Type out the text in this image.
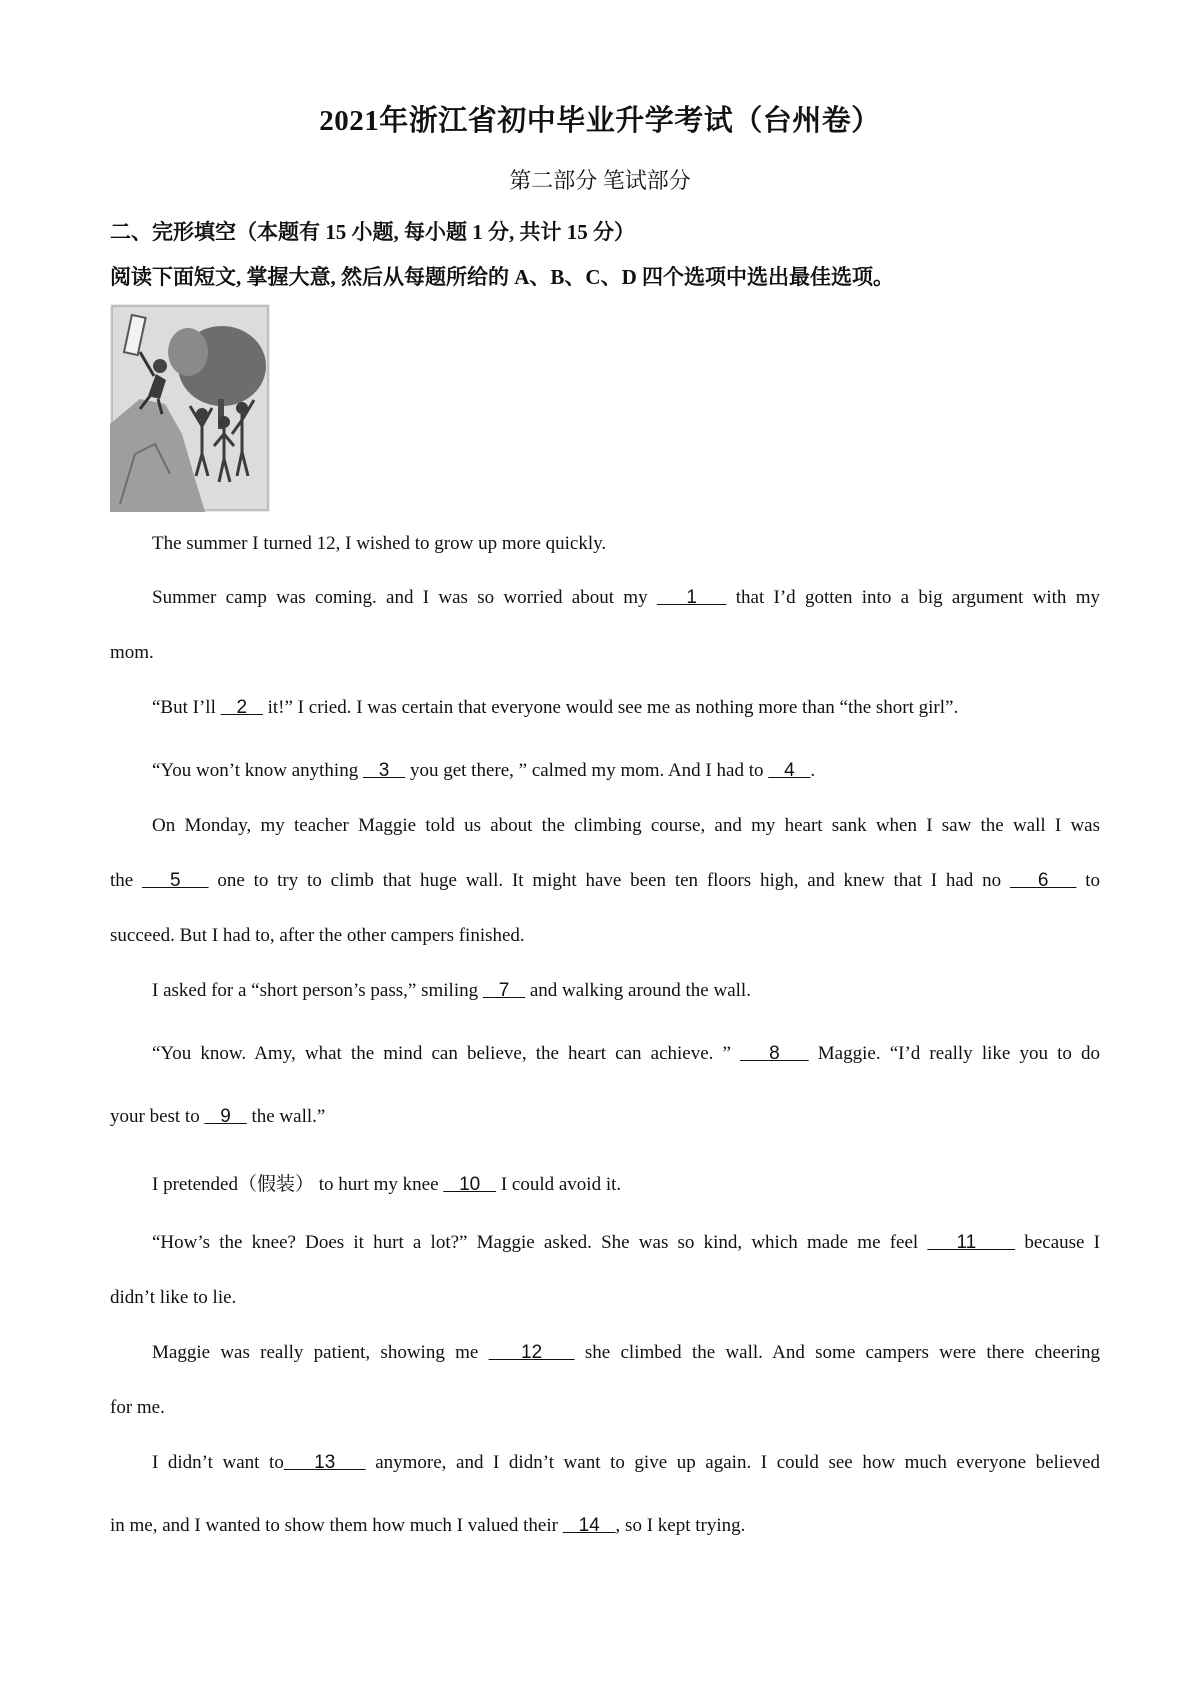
2021年浙江省初中毕业升学考试（台州卷）
第二部分 笔试部分
二、完形填空（本题有 15 小题, 每小题 1 分, 共计 15 分）
阅读下面短文, 掌握大意, 然后从每题所给的 A、B、C、D 四个选项中选出最佳选项。

The summer I turned 12, I wished to grow up more quickly.

Summer camp was coming. and I was so worried about my    1    that I’d gotten into a big argument with my

mom.

“But I’ll    2    it!” I cried. I was certain that everyone would see me as nothing more than “the short girl”.

“You won’t know anything    3    you get there, ” calmed my mom. And I had to    4   .

On Monday, my teacher Maggie told us about the climbing course, and my heart sank when I saw the wall I was

the    5    one to try to climb that huge wall. It might have been ten floors high, and knew that I had no    6    to

succeed. But I had to, after the other campers finished.

I asked for a “short person’s pass,” smiling    7    and walking around the wall.

“You know. Amy, what the mind can believe, the heart can achieve. ”    8    Maggie. “I’d really like you to do

your best to    9    the wall.”

I pretended（假装） to hurt my knee    10    I could avoid it.

“How’s the knee? Does it hurt a lot?” Maggie asked. She was so kind, which made me feel    11     because I

didn’t like to lie.

Maggie was really patient, showing me    12    she climbed the wall. And some campers were there cheering

for me.

I didn’t want to   13    anymore, and I didn’t want to give up again. I could see how much everyone believed

in me, and I wanted to show them how much I valued their    14   , so I kept trying.
